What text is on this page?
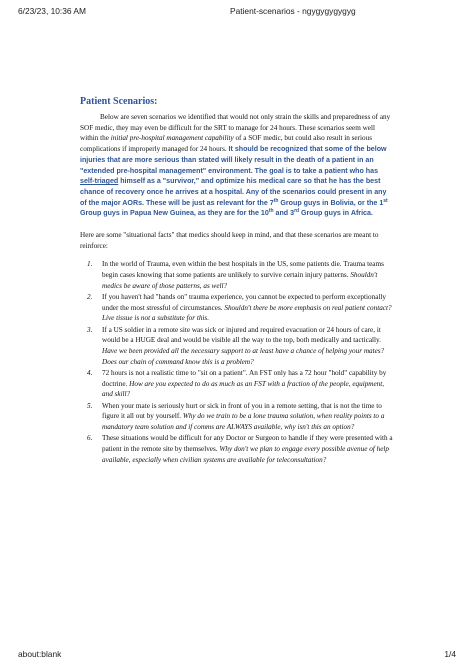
6/23/23, 10:36 AM	Patient-scenarios - ngygygygygyg
Patient Scenarios:

Below are seven scenarios we identified that would not only strain the skills and preparedness of any SOF medic, they may even be difficult for the SRT to manage for 24 hours. These scenarios seem well within the initial pre-hospital management capability of a SOF medic, but could also result in serious complications if improperly managed for 24 hours. It should be recognized that some of the below injuries that are more serious than stated will likely result in the death of a patient in an "extended pre-hospital management" environment. The goal is to take a patient who has self-triaged himself as a "survivor," and optimize his medical care so that he has the best chance of recovery once he arrives at a hospital. Any of the scenarios could present in any of the major AORs. These will be just as relevant for the 7th Group guys in Bolivia, or the 1st Group guys in Papua New Guinea, as they are for the 10th and 3rd Group guys in Africa.

Here are some "situational facts" that medics should keep in mind, and that these scenarios are meant to reinforce:

1. In the world of Trauma, even within the best hospitals in the US, some patients die. Trauma teams begin cases knowing that some patients are unlikely to survive certain injury patterns. Shouldn't medics be aware of those patterns, as well?
2. If you haven't had "hands on" trauma experience, you cannot be expected to perform exceptionally under the most stressful of circumstances. Shouldn't there be more emphasis on real patient contact? Live tissue is not a substitute for this.
3. If a US soldier in a remote site was sick or injured and required evacuation or 24 hours of care, it would be a HUGE deal and would be visible all the way to the top, both medically and tactically. Have we been provided all the necessary support to at least have a chance of helping your mates? Does our chain of command know this is a problem?
4. 72 hours is not a realistic time to "sit on a patient". An FST only has a 72 hour "hold" capability by doctrine. How are you expected to do as much as an FST with a fraction of the people, equipment, and skill?
5. When your mate is seriously hurt or sick in front of you in a remote setting, that is not the time to figure it all out by yourself. Why do we train to be a lone trauma solution, when reality points to a mandatory team solution and if comms are ALWAYS available, why isn't this an option?
6. These situations would be difficult for any Doctor or Surgeon to handle if they were presented with a patient in the remote site by themselves. Why don't we plan to engage every possible avenue of help available, especially when civilian systems are available for teleconsultation?
about:blank	1/4
